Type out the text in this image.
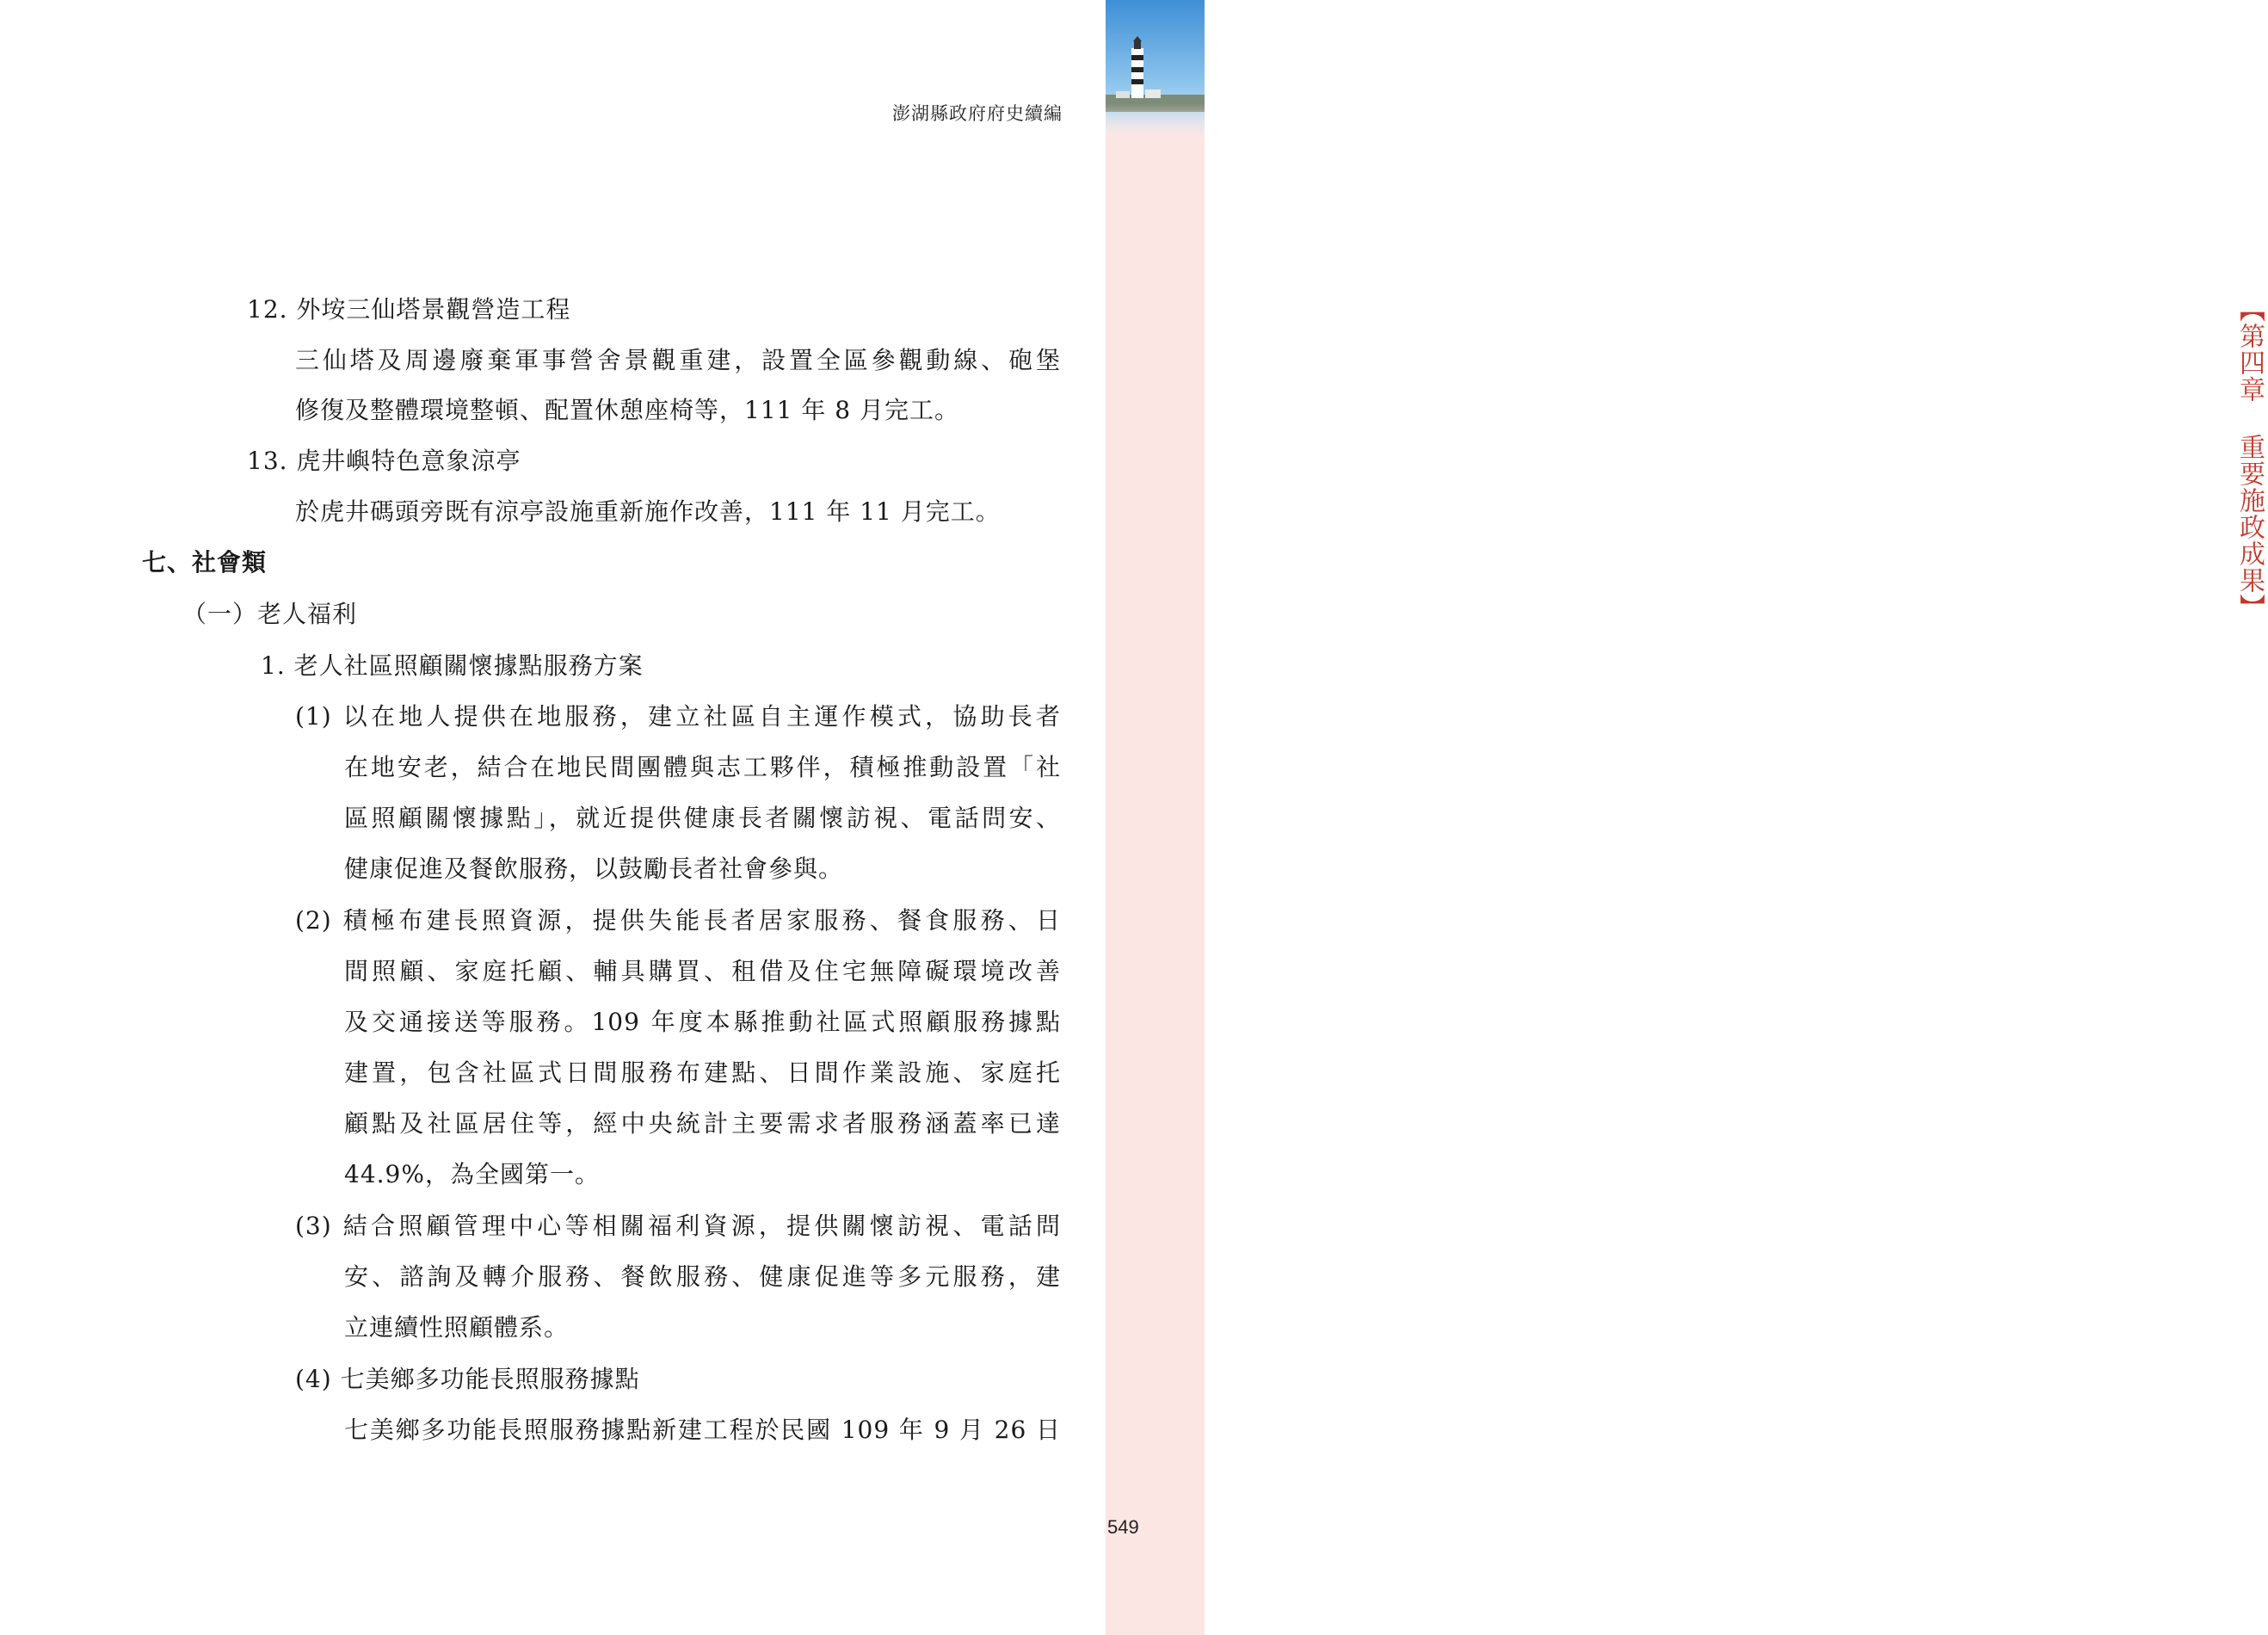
【第四章 重要施政成果】
澎湖縣政府府史續編
12. 外垵三仙塔景觀營造工程
三仙塔及周邊廢棄軍事營舍景觀重建，設置全區參觀動線、砲堡
修復及整體環境整頓、配置休憩座椅等，111 年 8 月完工。
13. 虎井嶼特色意象涼亭
於虎井碼頭旁既有涼亭設施重新施作改善，111 年 11 月完工。
七、社會類
（一）老人福利
1. 老人社區照顧關懷據點服務方案
(1) 以在地人提供在地服務，建立社區自主運作模式，協助長者
在地安老，結合在地民間團體與志工夥伴，積極推動設置「社
區照顧關懷據點」，就近提供健康長者關懷訪視、電話問安、
健康促進及餐飲服務，以鼓勵長者社會參與。
(2) 積極布建長照資源，提供失能長者居家服務、餐食服務、日
間照顧、家庭托顧、輔具購買、租借及住宅無障礙環境改善
及交通接送等服務。109 年度本縣推動社區式照顧服務據點
建置，包含社區式日間服務布建點、日間作業設施、家庭托
顧點及社區居住等，經中央統計主要需求者服務涵蓋率已達
44.9%，為全國第一。
(3) 結合照顧管理中心等相關福利資源，提供關懷訪視、電話問
安、諮詢及轉介服務、餐飲服務、健康促進等多元服務，建
立連續性照顧體系。
(4) 七美鄉多功能長照服務據點
七美鄉多功能長照服務據點新建工程於民國 109 年 9 月 26 日
549
